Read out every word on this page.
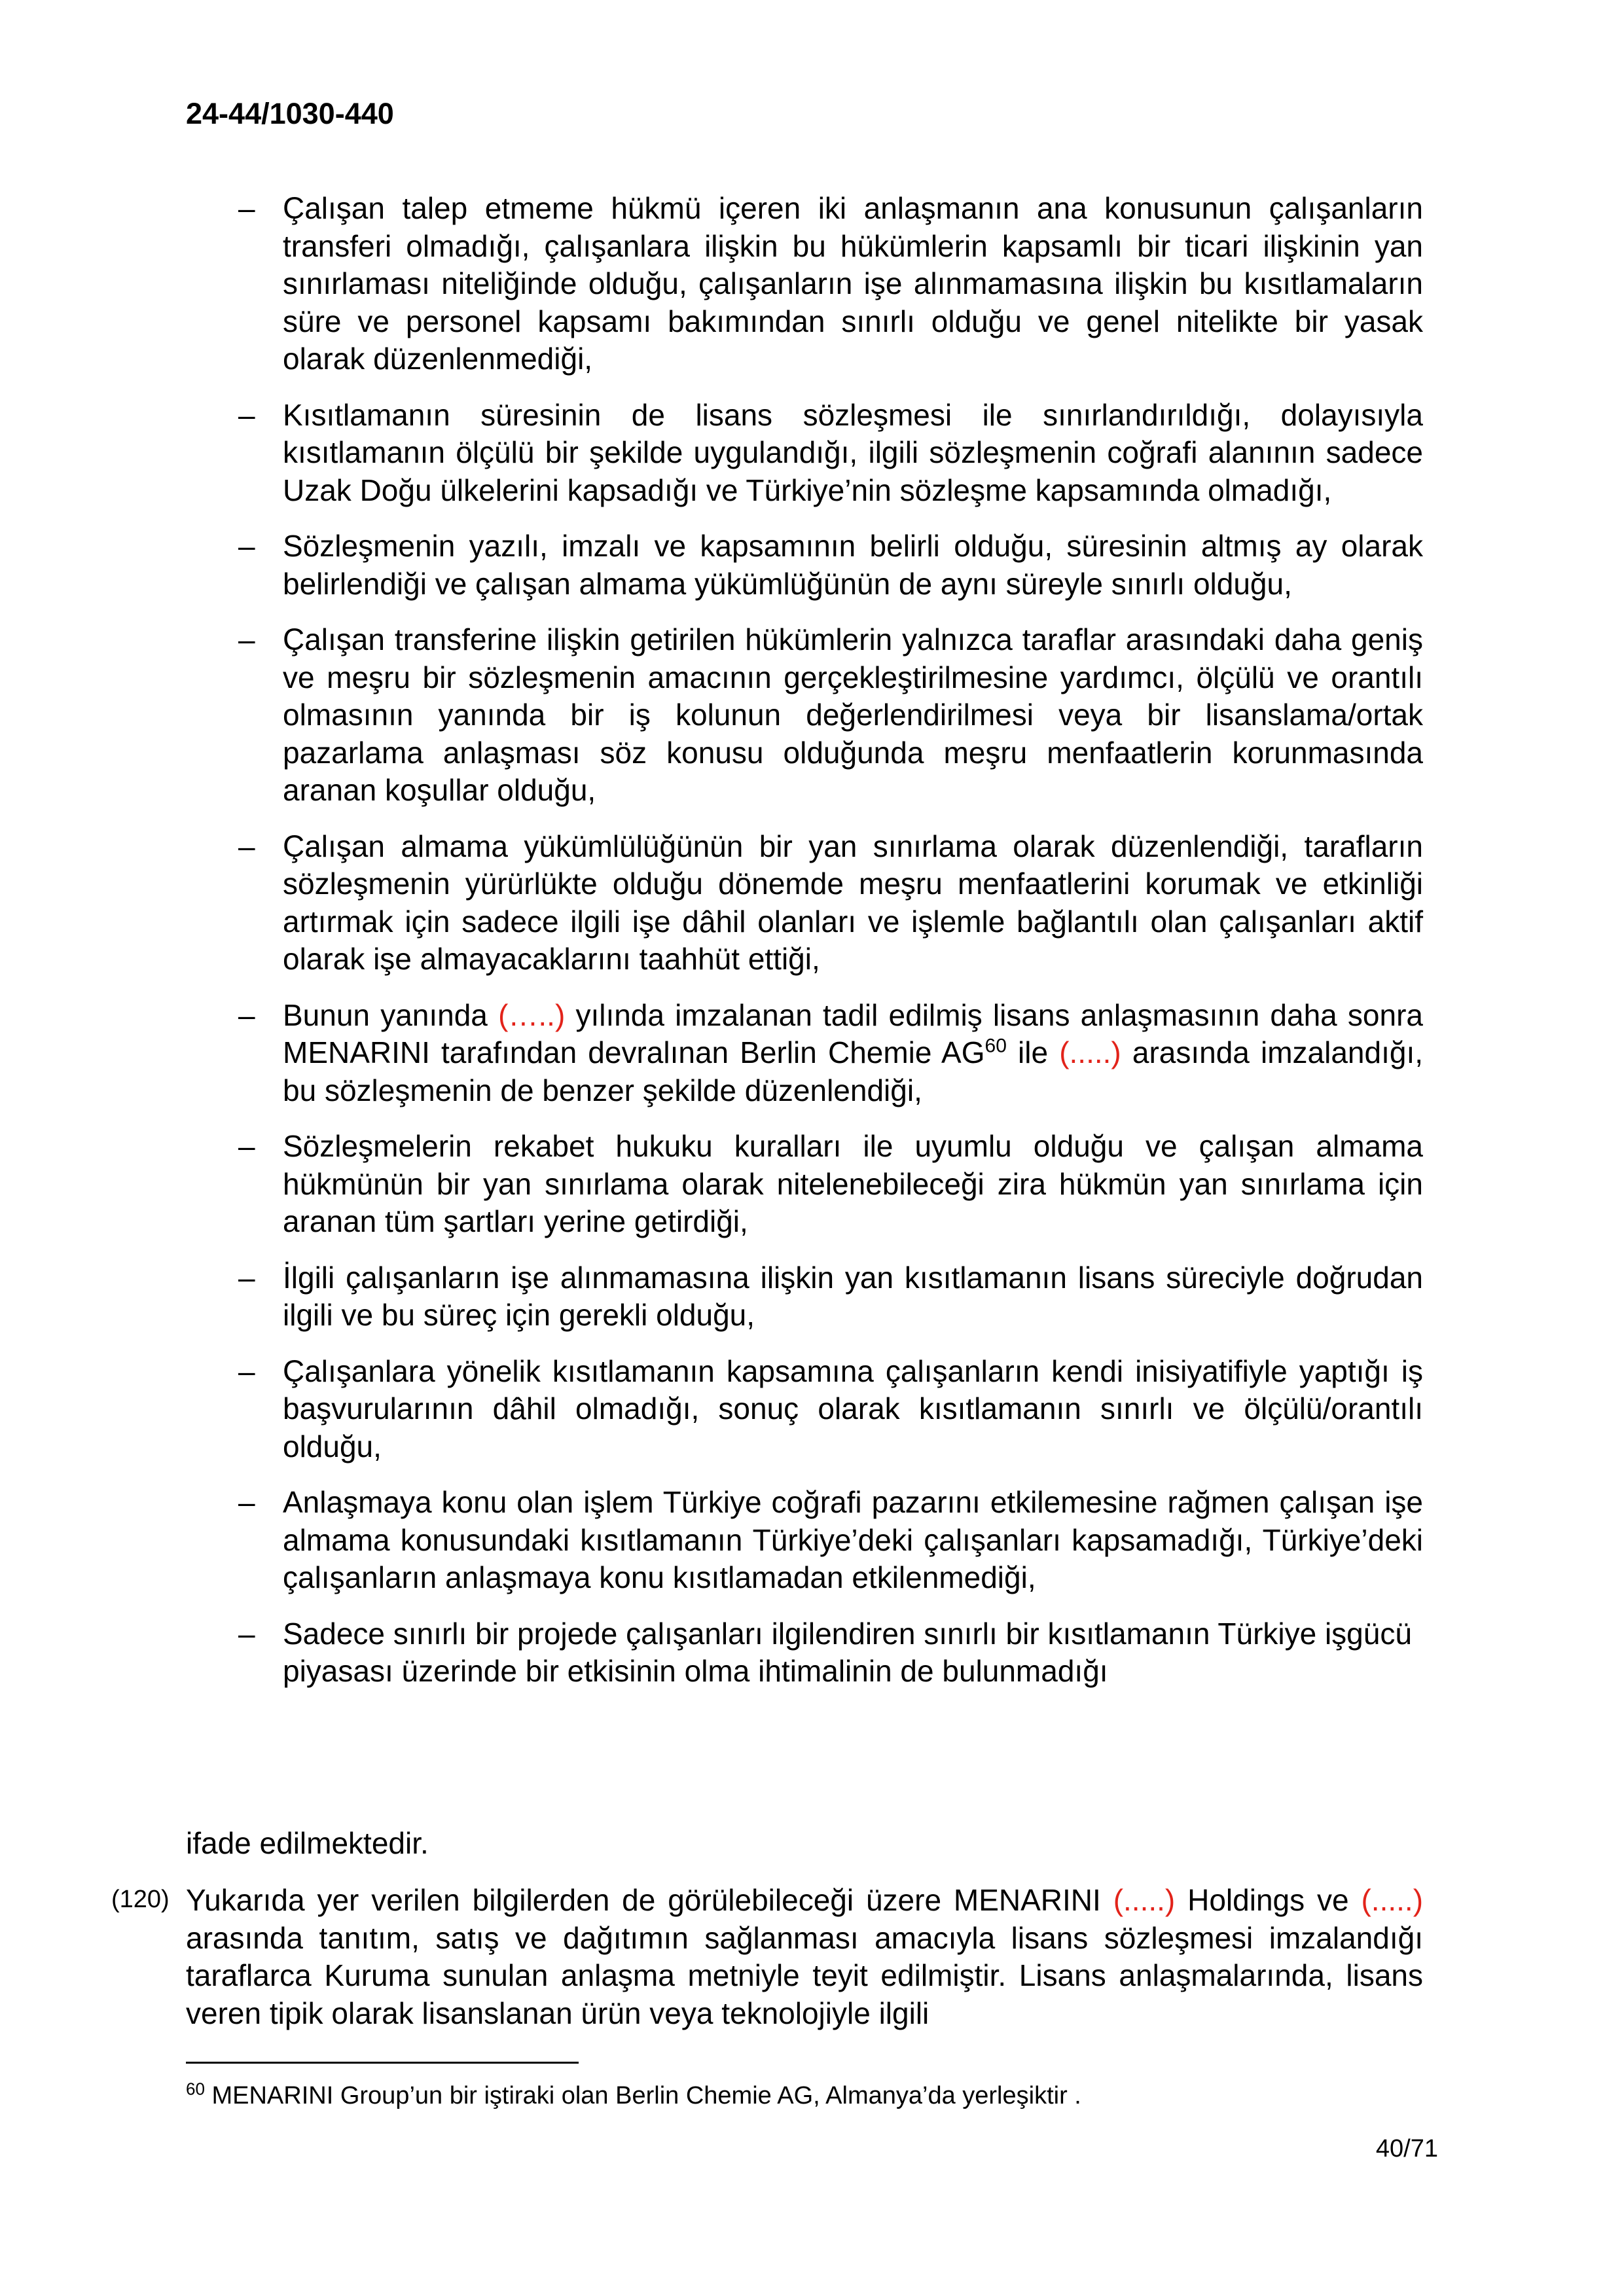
24-44/1030-440
– Çalışan talep etmeme hükmü içeren iki anlaşmanın ana konusunun çalışanların transferi olmadığı, çalışanlara ilişkin bu hükümlerin kapsamlı bir ticari ilişkinin yan sınırlaması niteliğinde olduğu, çalışanların işe alınmamasına ilişkin bu kısıtlamaların süre ve personel kapsamı bakımından sınırlı olduğu ve genel nitelikte bir yasak olarak düzenlenmediği,
– Kısıtlamanın süresinin de lisans sözleşmesi ile sınırlandırıldığı, dolayısıyla kısıtlamanın ölçülü bir şekilde uygulandığı, ilgili sözleşmenin coğrafi alanının sadece Uzak Doğu ülkelerini kapsadığı ve Türkiye’nin sözleşme kapsamında olmadığı,
– Sözleşmenin yazılı, imzalı ve kapsamının belirli olduğu, süresinin altmış ay olarak belirlendiği ve çalışan almama yükümlüğünün de aynı süreyle sınırlı olduğu,
– Çalışan transferine ilişkin getirilen hükümlerin yalnızca taraflar arasındaki daha geniş ve meşru bir sözleşmenin amacının gerçekleştirilmesine yardımcı, ölçülü ve orantılı olmasının yanında bir iş kolunun değerlendirilmesi veya bir lisanslama/ortak pazarlama anlaşması söz konusu olduğunda meşru menfaatlerin korunmasında aranan koşullar olduğu,
– Çalışan almama yükümlülüğünün bir yan sınırlama olarak düzenlendiği, tarafların sözleşmenin yürürlükte olduğu dönemde meşru menfaatlerini korumak ve etkinliği artırmak için sadece ilgili işe dâhil olanları ve işlemle bağlantılı olan çalışanları aktif olarak işe almayacaklarını taahhüt ettiği,
– Bunun yanında (…..) yılında imzalanan tadil edilmiş lisans anlaşmasının daha sonra MENARINI tarafından devralınan Berlin Chemie AG$^{60}$ ile (.....) arasında imzalandığı, bu sözleşmenin de benzer şekilde düzenlendiği,
– Sözleşmelerin rekabet hukuku kuralları ile uyumlu olduğu ve çalışan almama hükmünün bir yan sınırlama olarak nitelenebileceği zira hükmün yan sınırlama için aranan tüm şartları yerine getirdiği,
– İlgili çalışanların işe alınmamasına ilişkin yan kısıtlamanın lisans süreciyle doğrudan ilgili ve bu süreç için gerekli olduğu,
– Çalışanlara yönelik kısıtlamanın kapsamına çalışanların kendi inisiyatifiyle yaptığı iş başvurularının dâhil olmadığı, sonuç olarak kısıtlamanın sınırlı ve ölçülü/orantılı olduğu,
– Anlaşmaya konu olan işlem Türkiye coğrafi pazarını etkilemesine rağmen çalışan işe almama konusundaki kısıtlamanın Türkiye’deki çalışanları kapsamadığı, Türkiye’deki çalışanların anlaşmaya konu kısıtlamadan etkilenmediği,
– Sadece sınırlı bir projede çalışanları ilgilendiren sınırlı bir kısıtlamanın Türkiye işgücü piyasası üzerinde bir etkisinin olma ihtimalinin de bulunmadığı
ifade edilmektedir.
(120) Yukarıda yer verilen bilgilerden de görülebileceği üzere MENARINI (.....) Holdings ve (.....) arasında tanıtım, satış ve dağıtımın sağlanması amacıyla lisans sözleşmesi imzalandığı taraflarca Kuruma sunulan anlaşma metniyle teyit edilmiştir. Lisans anlaşmalarında, lisans veren tipik olarak lisanslanan ürün veya teknolojiyle ilgili
$^{60}$ MENARINI Group’un bir iştiraki olan Berlin Chemie AG, Almanya’da yerleşiktir .
40/71
